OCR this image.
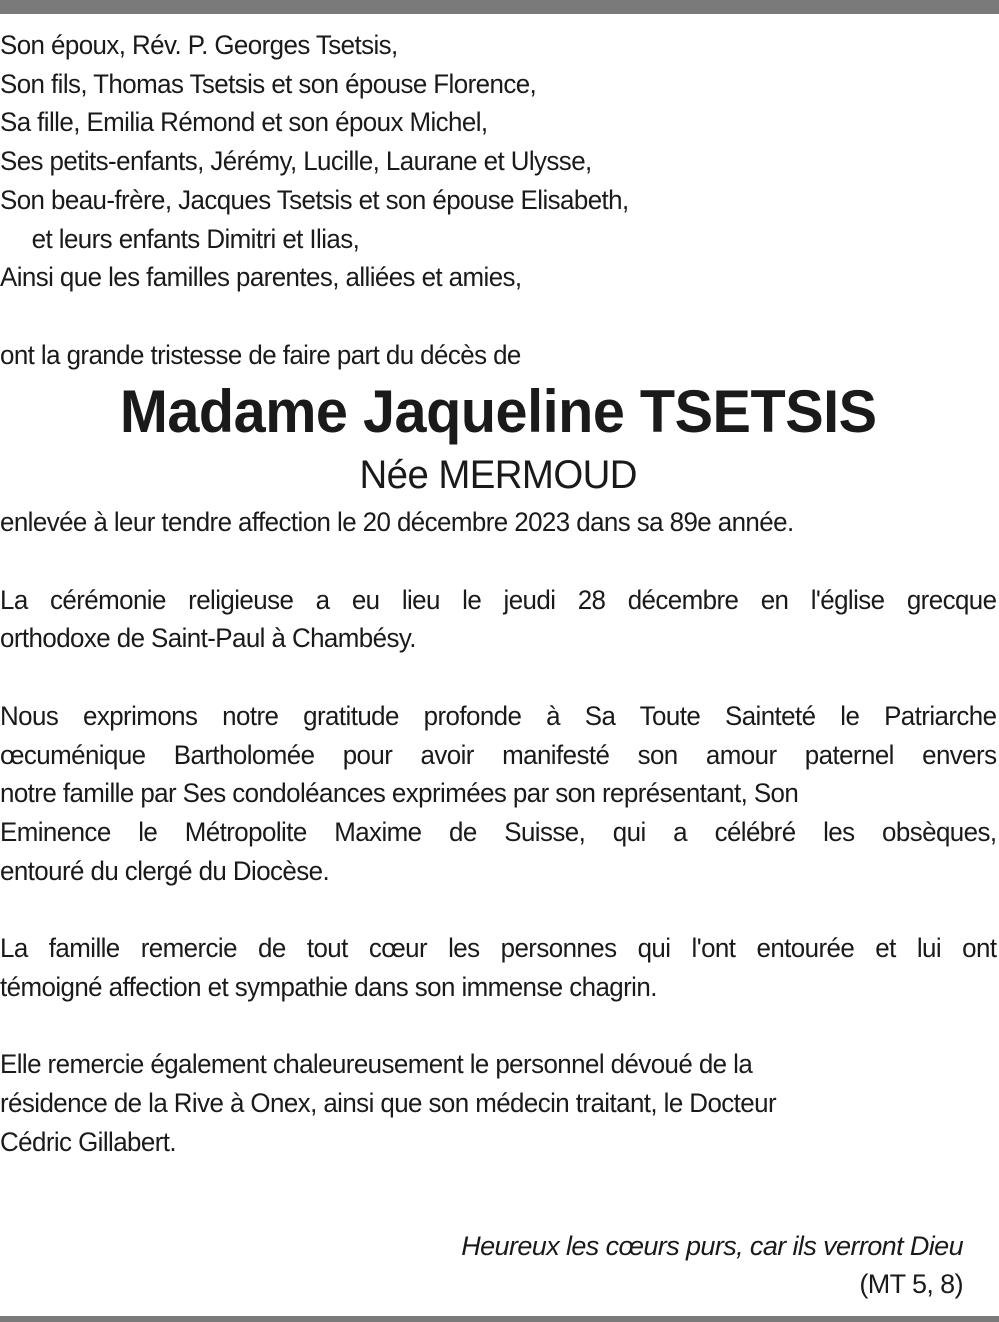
Son époux, Rév. P. Georges Tsetsis,
Son fils, Thomas Tsetsis et son épouse Florence,
Sa fille, Emilia Rémond et son époux Michel,
Ses petits-enfants, Jérémy, Lucille, Laurane et Ulysse,
Son beau-frère, Jacques Tsetsis et son épouse Elisabeth,
et leurs enfants Dimitri et Ilias,
Ainsi que les familles parentes, alliées et amies,
ont la grande tristesse de faire part du décès de
Madame Jaqueline TSETSIS
Née MERMOUD
enlevée à leur tendre affection le 20 décembre 2023 dans sa 89e année.
La cérémonie religieuse a eu lieu le jeudi 28 décembre en l'église grecque
orthodoxe de Saint-Paul à Chambésy.
Nous exprimons notre gratitude profonde à Sa Toute Sainteté le Patriarche
œcuménique Bartholomée pour avoir manifesté son amour paternel envers
notre famille par Ses condoléances exprimées par son représentant, Son
Eminence le Métropolite Maxime de Suisse, qui a célébré les obsèques,
entouré du clergé du Diocèse.
La famille remercie de tout cœur les personnes qui l'ont entourée et lui ont
témoigné affection et sympathie dans son immense chagrin.
Elle remercie également chaleureusement le personnel dévoué de la
résidence de la Rive à Onex, ainsi que son médecin traitant, le Docteur
Cédric Gillabert.
Heureux les cœurs purs, car ils verront Dieu
(MT 5, 8)
